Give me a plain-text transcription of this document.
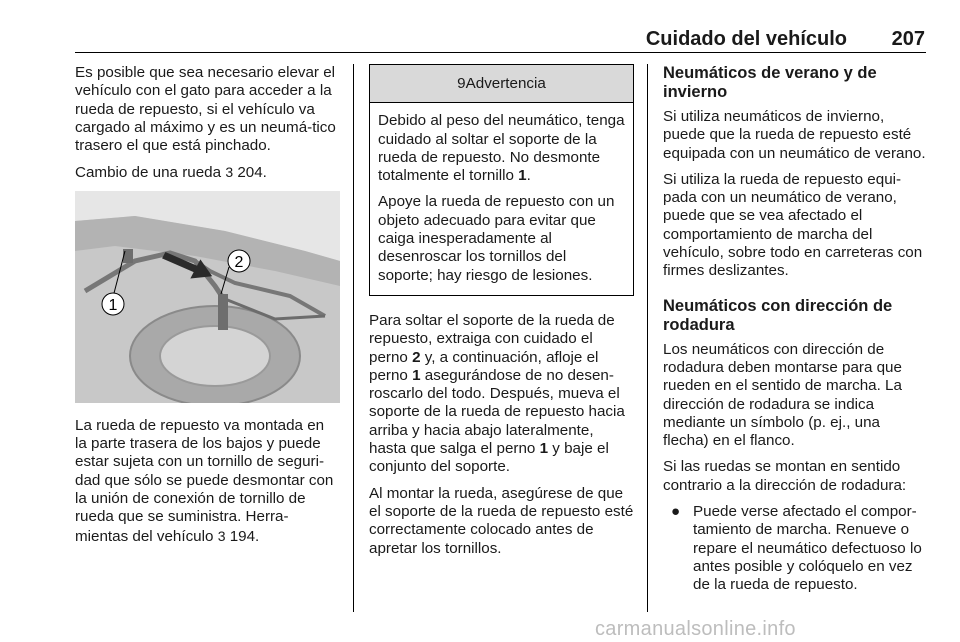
Cuidado del vehículo 207

Es posible que sea necesario elevar el vehículo con el gato para acceder a la rueda de repuesto, si el vehículo va cargado al máximo y es un neumá-tico trasero el que está pinchado.

Cambio de una rueda 3 204.

1
2

La rueda de repuesto va montada en la parte trasera de los bajos y puede estar sujeta con un tornillo de seguri-dad que sólo se puede desmontar con la unión de conexión de tornillo de rueda que se suministra. Herra-mientas del vehículo 3 194.

9Advertencia

Debido al peso del neumático, tenga cuidado al soltar el soporte de la rueda de repuesto. No desmonte totalmente el tornillo 1.

Apoye la rueda de repuesto con un objeto adecuado para evitar que caiga inesperadamente al desenroscar los tornillos del soporte; hay riesgo de lesiones.

Para soltar el soporte de la rueda de repuesto, extraiga con cuidado el perno 2 y, a continuación, afloje el perno 1 asegurándose de no desen-roscarlo del todo. Después, mueva el soporte de la rueda de repuesto hacia arriba y hacia abajo lateralmente, hasta que salga el perno 1 y baje el conjunto del soporte.

Al montar la rueda, asegúrese de que el soporte de la rueda de repuesto esté correctamente colocado antes de apretar los tornillos.

Neumáticos de verano y de invierno

Si utiliza neumáticos de invierno, puede que la rueda de repuesto esté equipada con un neumático de verano.

Si utiliza la rueda de repuesto equi-pada con un neumático de verano, puede que se vea afectado el comportamiento de marcha del vehículo, sobre todo en carreteras con firmes deslizantes.

Neumáticos con dirección de rodadura

Los neumáticos con dirección de rodadura deben montarse para que rueden en el sentido de marcha. La dirección de rodadura se indica mediante un símbolo (p. ej., una flecha) en el flanco.

Si las ruedas se montan en sentido contrario a la dirección de rodadura:

● Puede verse afectado el compor-tamiento de marcha. Renueve o repare el neumático defectuoso lo antes posible y colóquelo en vez de la rueda de repuesto.
carmanualsonline.info
